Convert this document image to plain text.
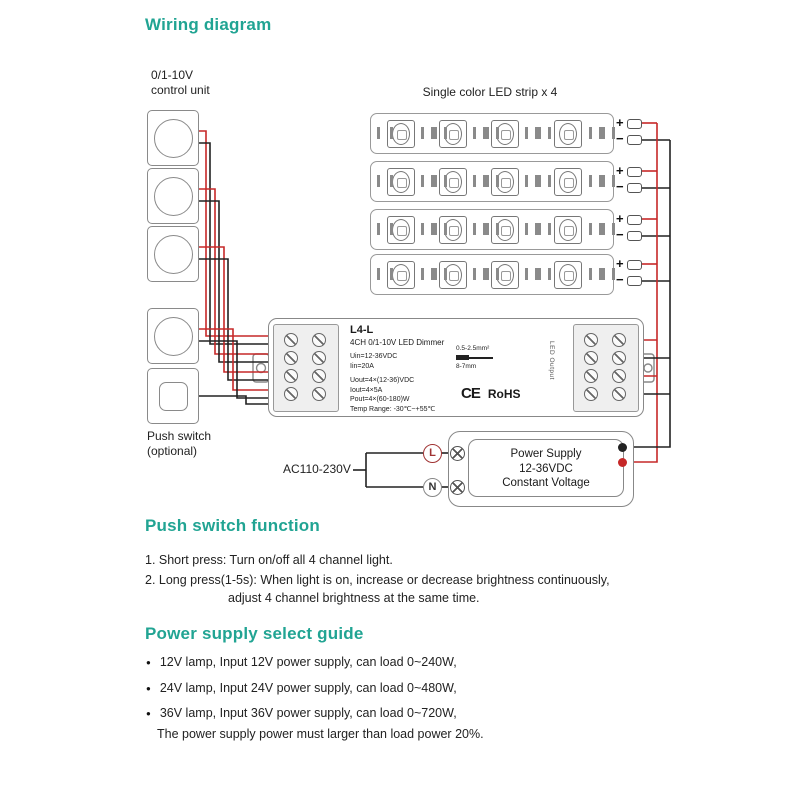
Wiring diagram
0/1-10V
control unit
Push switch
(optional)
Single color LED strip x 4
L4-L
4CH 0/1-10V LED Dimmer
Uin=12-36VDC
Iin=20A
Uout=4×(12-36)VDC
Iout=4×5A
Pout=4×(60-180)W
Temp Range: -30℃~+55℃
0.5-2.5mm²
8-7mm
CE RoHS
LED Output
Power Supply
12-36VDC
Constant Voltage
L
N
AC110-230V
Push switch function
1. Short press: Turn on/off all 4 channel light.
2. Long press(1-5s): When light is on, increase or decrease brightness continuously,
adjust 4 channel brightness at the same time.
Power supply select guide
● 12V lamp, Input 12V power supply, can load 0~240W,
● 24V lamp, Input 24V power supply, can load 0~480W,
● 36V lamp, Input 36V power supply, can load 0~720W,
The power supply power must larger than load power 20%.
+
−
+
−
+
−
+
−
